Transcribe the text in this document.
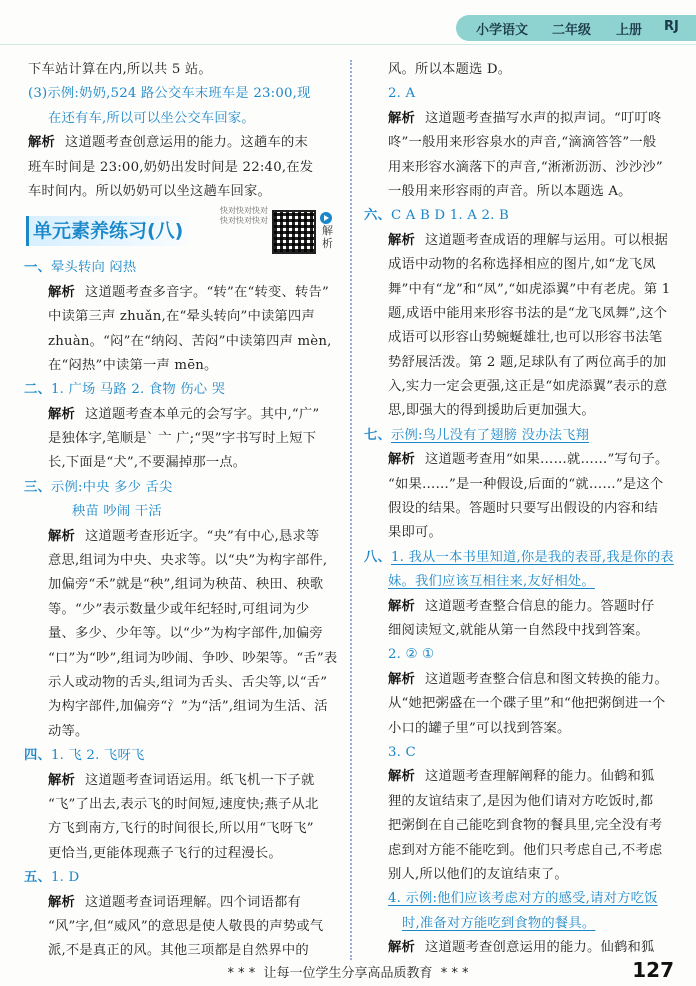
小学语文 二年级 上册 RJ
下车站计算在内,所以共 5 站。
(3)示例:奶奶,524 路公交车末班车是 23:00,现
在还有车,所以可以坐公交车回家。
解析 这道题考查创意运用的能力。这趟车的末
班车时间是 23:00,奶奶出发时间是 22:40,在发
车时间内。所以奶奶可以坐这趟车回家。
单元素养练习(八)
快对快对快对
快对快对快对
解析
一、晕头转向 闷热
解析 这道题考查多音字。“转”在“转变、转告”
中读第三声 zhuǎn,在“晕头转向”中读第四声
zhuàn。“闷”在“纳闷、苦闷”中读第四声 mèn,
在“闷热”中读第一声 mēn。
二、1. 广场 马路 2. 食物 伤心 哭
解析 这道题考查本单元的会写字。其中,“广”
是独体字,笔顺是` 亠 广;“哭”字书写时上短下
长,下面是“犬”,不要漏掉那一点。
三、示例:中央 多少 舌尖
秧苗 吵闹 干活
解析 这道题考查形近字。“央”有中心,恳求等
意思,组词为中央、央求等。以“央”为构字部件,
加偏旁“禾”就是“秧”,组词为秧苗、秧田、秧歌
等。“少”表示数量少或年纪轻时,可组词为少
量、多少、少年等。以“少”为构字部件,加偏旁
“口”为“吵”,组词为吵闹、争吵、吵架等。“舌”表
示人或动物的舌头,组词为舌头、舌尖等,以“舌”
为构字部件,加偏旁“氵”为“活”,组词为生活、活
动等。
四、1. 飞 2. 飞呀飞
解析 这道题考查词语运用。纸飞机一下子就
“飞”了出去,表示飞的时间短,速度快;燕子从北
方飞到南方,飞行的时间很长,所以用“飞呀飞”
更恰当,更能体现燕子飞行的过程漫长。
五、1. D
解析 这道题考查词语理解。四个词语都有
“风”字,但“威风”的意思是使人敬畏的声势或气
派,不是真正的风。其他三项都是自然界中的
风。所以本题选 D。
2. A
解析 这道题考查描写水声的拟声词。“叮叮咚
咚”一般用来形容泉水的声音,“滴滴答答”一般
用来形容水滴落下的声音,“淅淅沥沥、沙沙沙”
一般用来形容雨的声音。所以本题选 A。
六、C A B D 1. A 2. B
解析 这道题考查成语的理解与运用。可以根据
成语中动物的名称选择相应的图片,如“龙飞凤
舞”中有“龙”和“凤”,“如虎添翼”中有老虎。第 1
题,成语中能用来形容书法的是“龙飞凤舞”,这个
成语可以形容山势蜿蜒雄壮,也可以形容书法笔
势舒展活泼。第 2 题,足球队有了两位高手的加
入,实力一定会更强,这正是“如虎添翼”表示的意
思,即强大的得到援助后更加强大。
七、示例:鸟儿没有了翅膀 没办法飞翔
解析 这道题考查用“如果……就……”写句子。
“如果……”是一种假设,后面的“就……”是这个
假设的结果。答题时只要写出假设的内容和结
果即可。
八、1. 我从一本书里知道,你是我的表哥,我是你的表
妹。我们应该互相往来,友好相处。
解析 这道题考查整合信息的能力。答题时仔
细阅读短文,就能从第一自然段中找到答案。
2. ② ①
解析 这道题考查整合信息和图文转换的能力。
从“她把粥盛在一个碟子里”和“他把粥倒进一个
小口的罐子里”可以找到答案。
3. C
解析 这道题考查理解阐释的能力。仙鹤和狐
狸的友谊结束了,是因为他们请对方吃饭时,都
把粥倒在自己能吃到食物的餐具里,完全没有考
虑到对方能不能吃到。他们只考虑自己,不考虑
别人,所以他们的友谊结束了。
4. 示例:他们应该考虑对方的感受,请对方吃饭
时,准备对方能吃到食物的餐具。
解析 这道题考查创意运用的能力。仙鹤和狐
* * * 让每一位学生分享高品质教育 * * *	127
